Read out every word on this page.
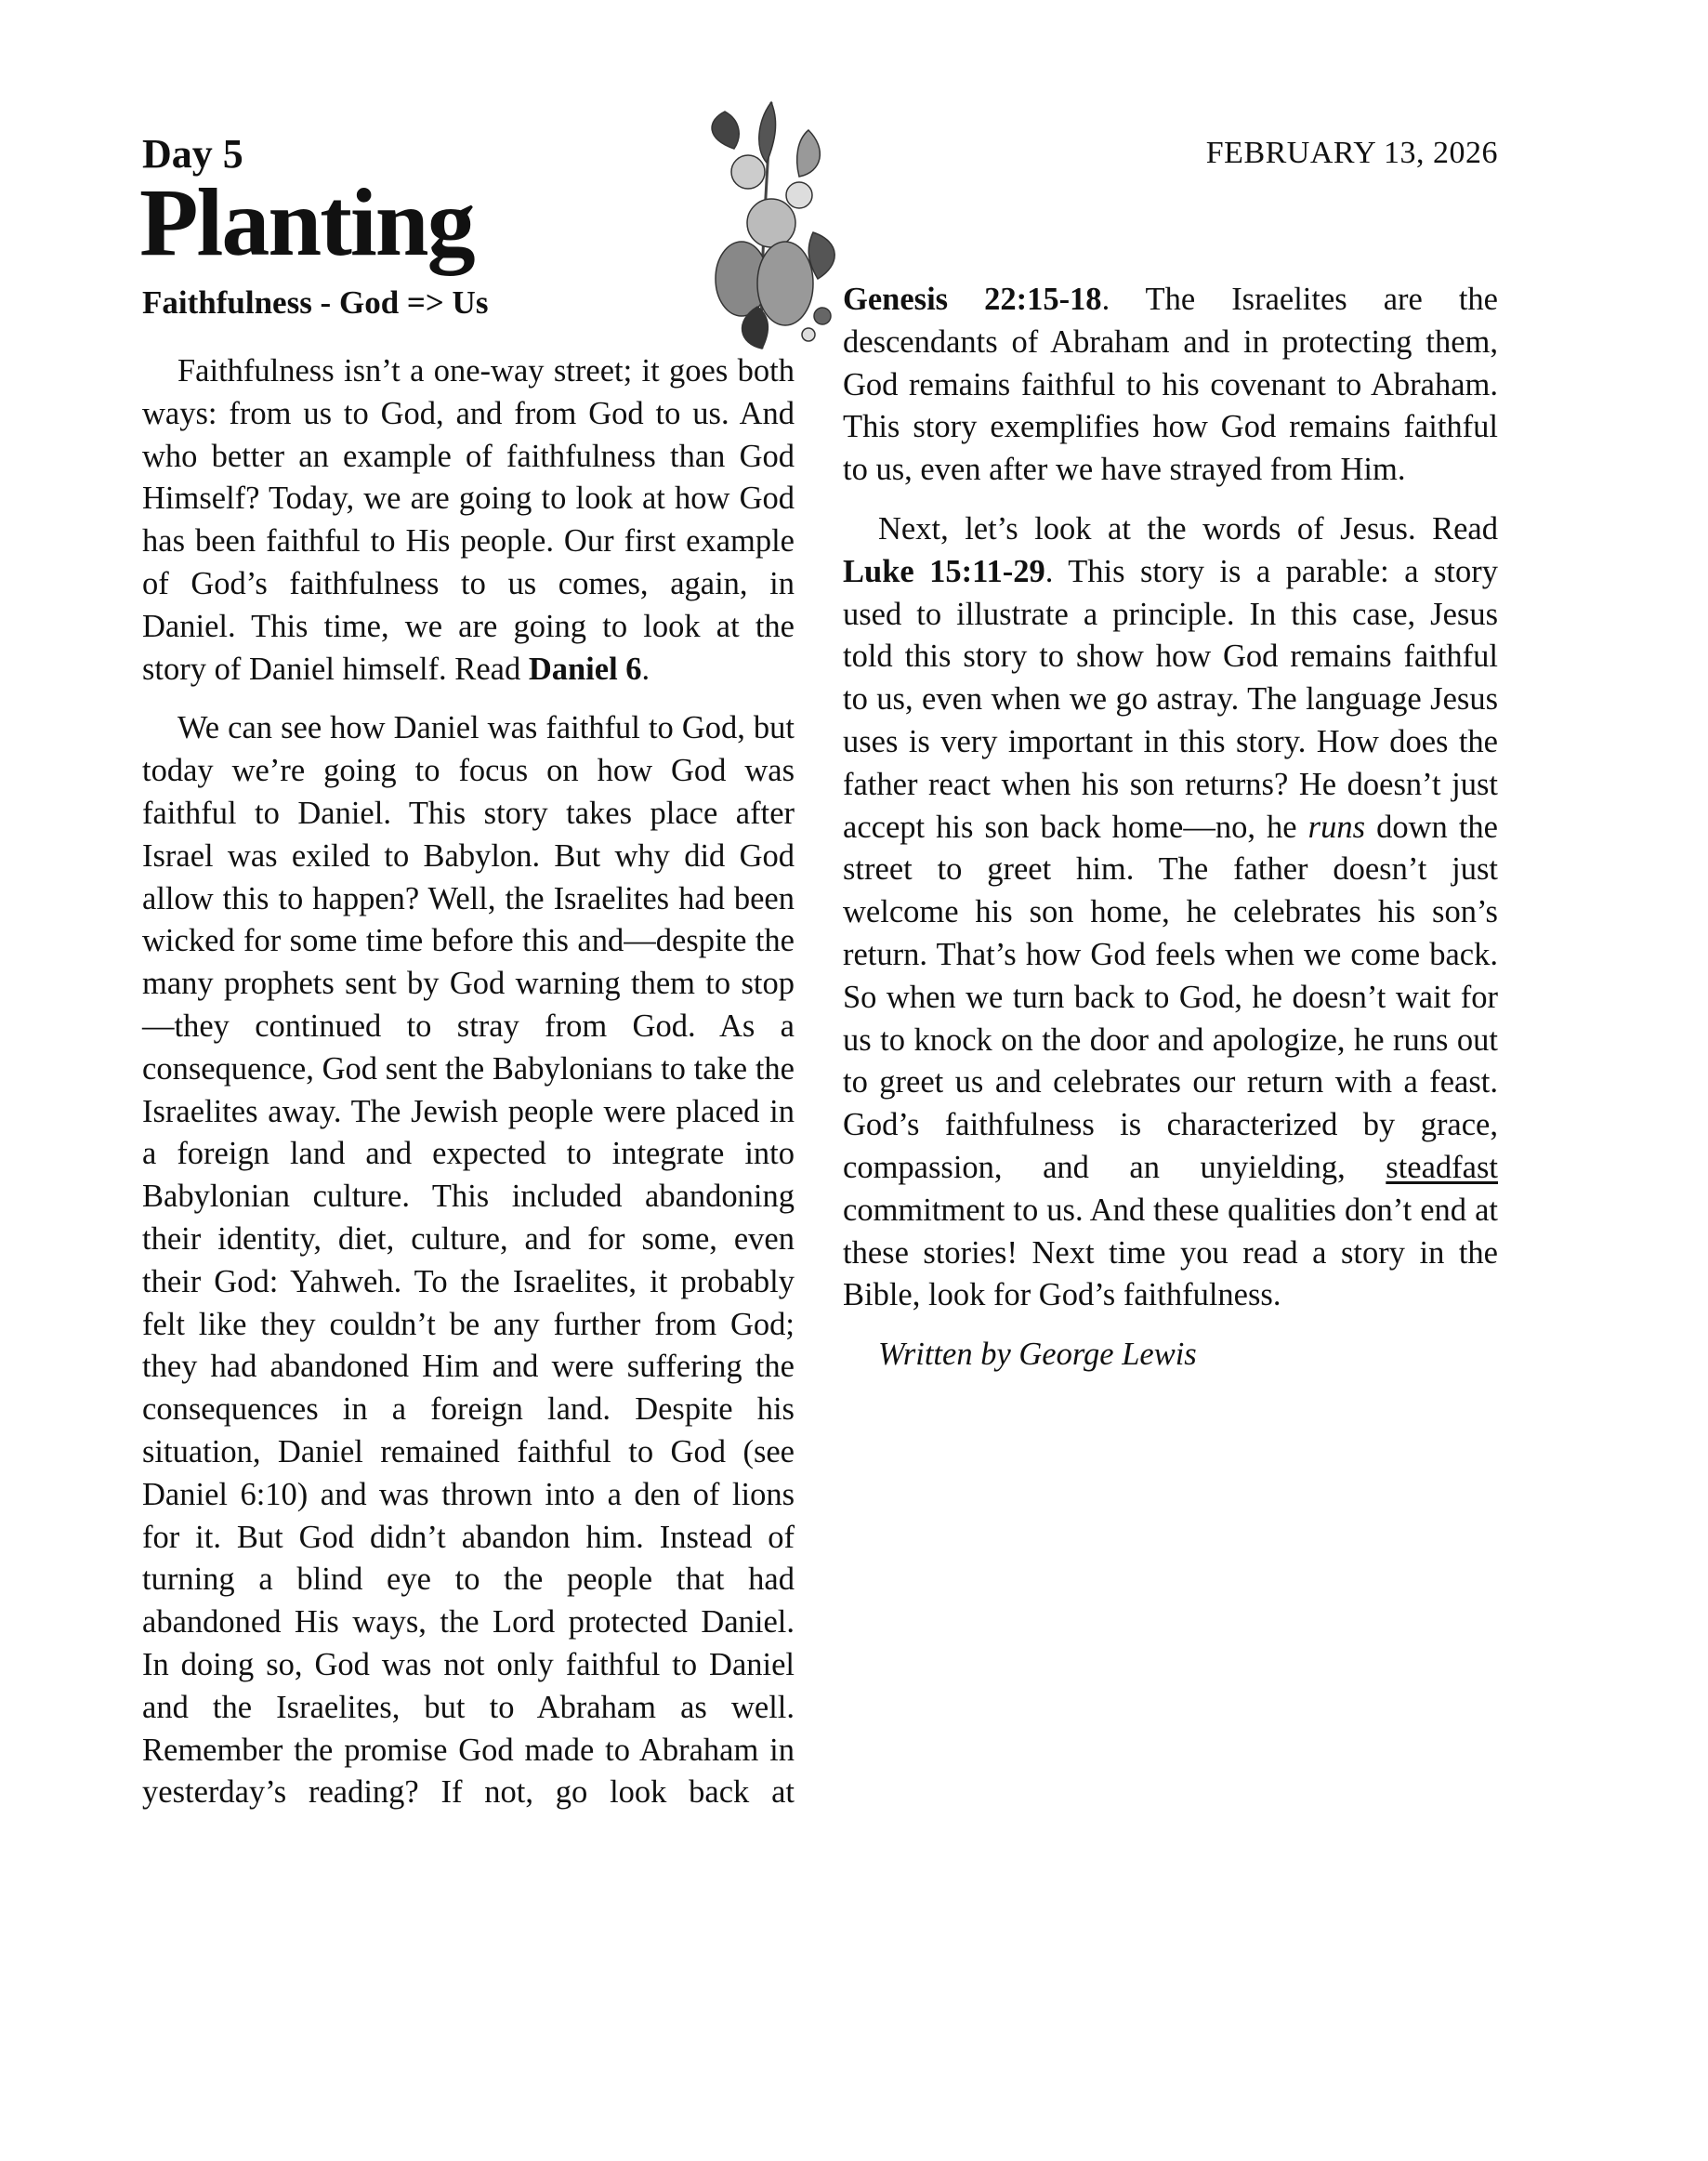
Day 5
Planting
Faithfulness - God => Us
FEBRUARY 13, 2026

Faithfulness isn’t a one-way street; it goes both ways: from us to God, and from God to us. And who better an example of faithfulness than God Himself? Today, we are going to look at how God has been faithful to His people. Our first example of God’s faithfulness to us comes, again, in Daniel. This time, we are going to look at the story of Daniel himself. Read Daniel 6.

We can see how Daniel was faithful to God, but today we’re going to focus on how God was faithful to Daniel. This story takes place after Israel was exiled to Babylon. But why did God allow this to happen? Well, the Israelites had been wicked for some time before this and—despite the many prophets sent by God warning them to stop—they continued to stray from God. As a consequence, God sent the Babylonians to take the Israelites away. The Jewish people were placed in a foreign land and expected to integrate into Babylonian culture. This included abandoning their identity, diet, culture, and for some, even their God: Yahweh. To the Israelites, it probably felt like they couldn’t be any further from God; they had abandoned Him and were suffering the consequences in a foreign land. Despite his situation, Daniel remained faithful to God (see Daniel 6:10) and was thrown into a den of lions for it. But God didn’t abandon him. Instead of turning a blind eye to the people that had abandoned His ways, the Lord protected Daniel. In doing so, God was not only faithful to Daniel and the Israelites, but to Abraham as well. Remember the promise God made to Abraham in yesterday’s reading? If not, go look back at

Genesis 22:15-18. The Israelites are the descendants of Abraham and in protecting them, God remains faithful to his covenant to Abraham. This story exemplifies how God remains faithful to us, even after we have strayed from Him.

Next, let’s look at the words of Jesus. Read Luke 15:11-29. This story is a parable: a story used to illustrate a principle. In this case, Jesus told this story to show how God remains faithful to us, even when we go astray. The language Jesus uses is very important in this story. How does the father react when his son returns? He doesn’t just accept his son back home—no, he runs down the street to greet him. The father doesn’t just welcome his son home, he celebrates his son’s return. That’s how God feels when we come back. So when we turn back to God, he doesn’t wait for us to knock on the door and apologize, he runs out to greet us and celebrates our return with a feast. God’s faithfulness is characterized by grace, compassion, and an unyielding, steadfast commitment to us. And these qualities don’t end at these stories! Next time you read a story in the Bible, look for God’s faithfulness.

Written by George Lewis
